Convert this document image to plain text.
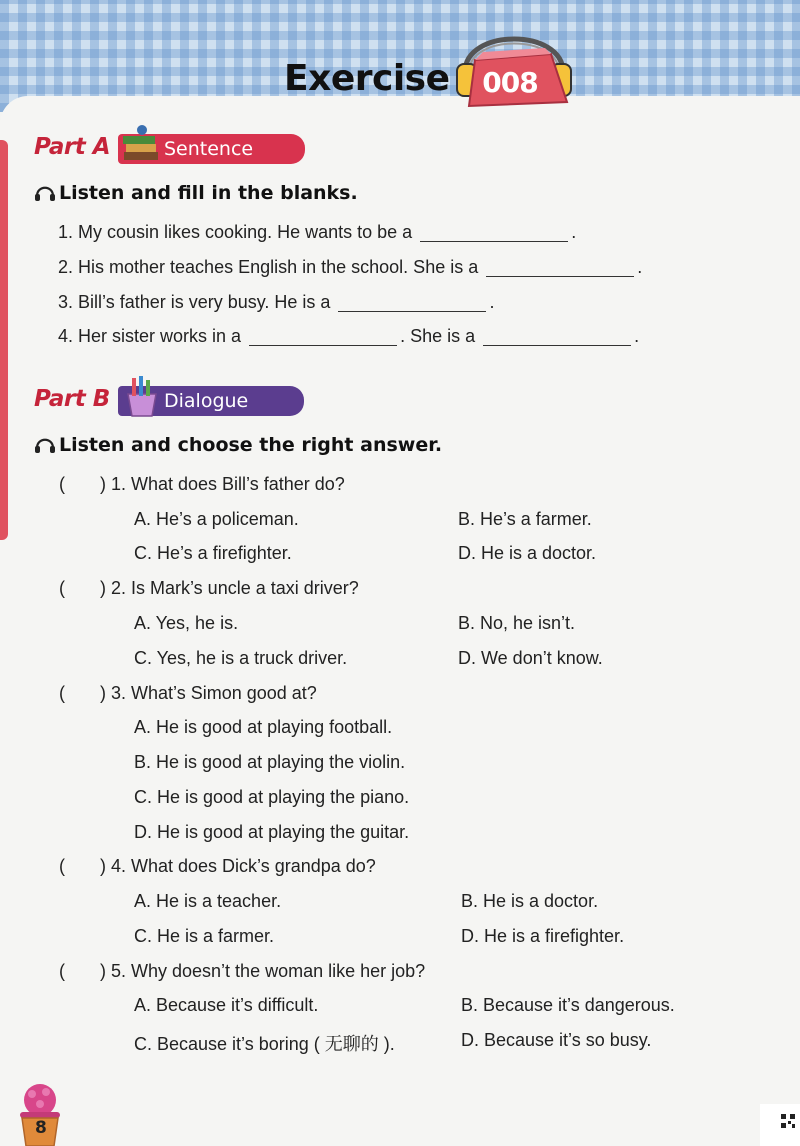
Exercise 008
Part A	Sentence
Listen and fill in the blanks.
1. My cousin likes cooking. He wants to be a	.
2. His mother teaches English in the school. She is a	.
3. Bill’s father is very busy. He is a	.
4. Her sister works in a	. She is a	.
Part B	Dialogue
Listen and choose the right answer.
( ) 1. What does Bill’s father do?
A. He’s a policeman.	B. He’s a farmer.
C. He’s a firefighter.	D. He is a doctor.
( ) 2. Is Mark’s uncle a taxi driver?
A. Yes, he is.	B. No, he isn’t.
C. Yes, he is a truck driver.	D. We don’t know.
( ) 3. What’s Simon good at?
A. He is good at playing football.
B. He is good at playing the violin.
C. He is good at playing the piano.
D. He is good at playing the guitar.
( ) 4. What does Dick’s grandpa do?
A. He is a teacher.	B. He is a doctor.
C. He is a farmer.	D. He is a firefighter.
( ) 5. Why doesn’t the woman like her job?
A. Because it’s difficult.	B. Because it’s dangerous.
C. Because it’s boring ( 无聊的 ).	D. Because it’s so busy.
8
